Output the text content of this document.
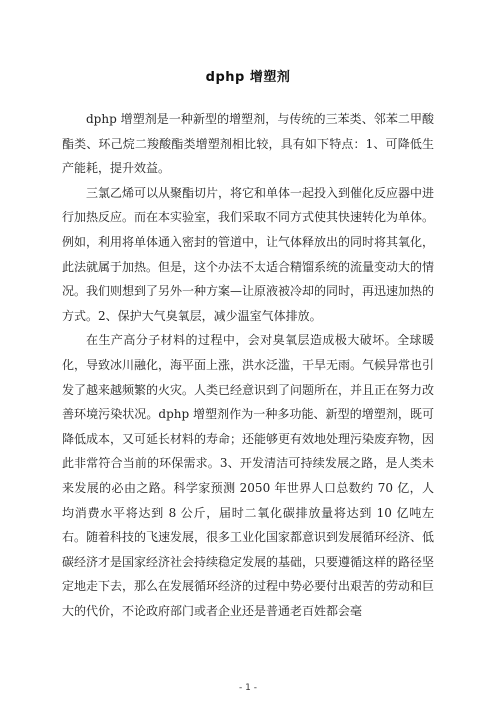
dphp 增塑剂

dphp 增塑剂是一种新型的增塑剂，与传统的三苯类、邻苯二甲酸酯类、环己烷二羧酸酯类增塑剂相比较，具有如下特点：1、可降低生产能耗，提升效益。

三氯乙烯可以从聚酯切片，将它和单体一起投入到催化反应器中进行加热反应。而在本实验室，我们采取不同方式使其快速转化为单体。例如，利用将单体通入密封的管道中，让气体释放出的同时将其氧化，此法就属于加热。但是，这个办法不太适合精馏系统的流量变动大的情况。我们则想到了另外一种方案—让原液被冷却的同时，再迅速加热的方式。2、保护大气臭氧层，减少温室气体排放。

在生产高分子材料的过程中，会对臭氧层造成极大破坏。全球暖化，导致冰川融化，海平面上涨，洪水泛滥，干旱无雨。气候异常也引发了越来越频繁的火灾。人类已经意识到了问题所在，并且正在努力改善环境污染状况。dphp 增塑剂作为一种多功能、新型的增塑剂，既可降低成本，又可延长材料的寿命；还能够更有效地处理污染废弃物，因此非常符合当前的环保需求。3、开发清洁可持续发展之路，是人类未来发展的必由之路。科学家预测 2050 年世界人口总数约 70 亿，人均消费水平将达到 8 公斤，届时二氧化碳排放量将达到 10 亿吨左右。随着科技的飞速发展，很多工业化国家都意识到发展循环经济、低碳经济才是国家经济社会持续稳定发展的基础，只要遵循这样的路径坚定地走下去，那么在发展循环经济的过程中势必要付出艰苦的劳动和巨大的代价，不论政府部门或者企业还是普通老百姓都会毫

- 1 -
